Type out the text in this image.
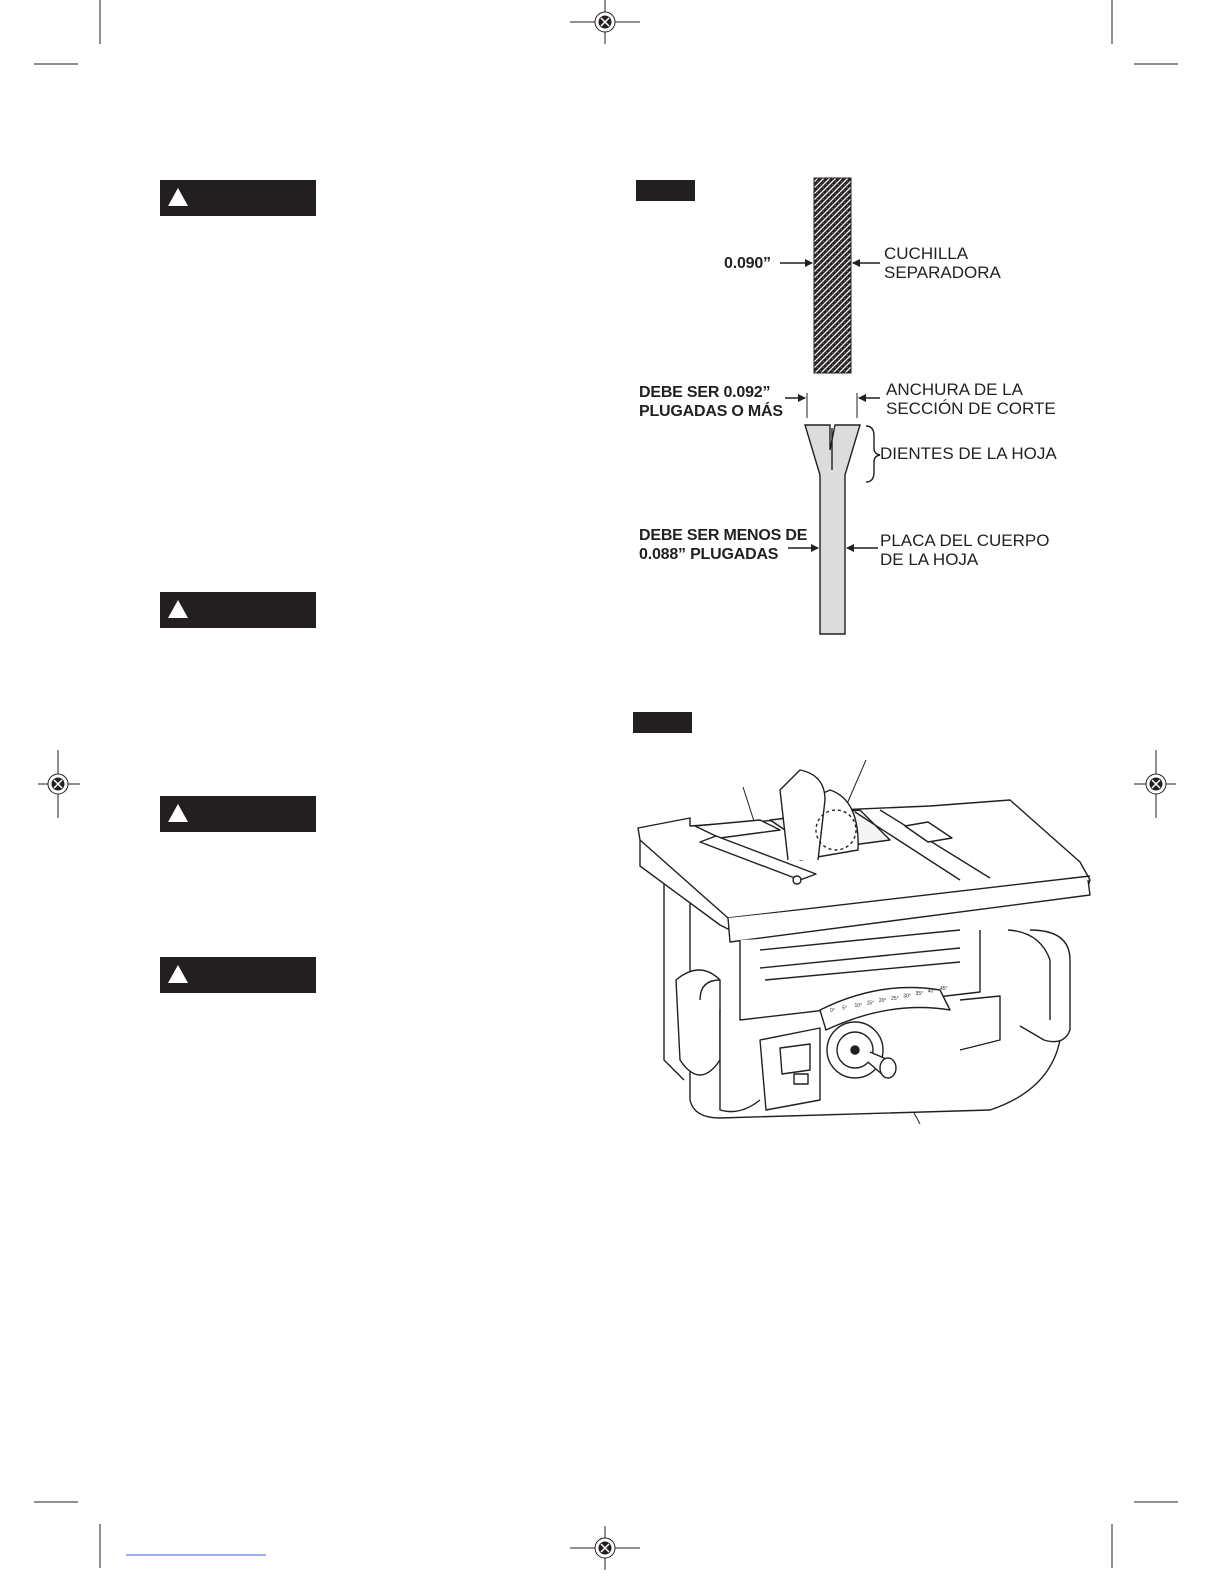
0.090”
CUCHILLA
SEPARADORA
DEBE SER 0.092”
PLUGADAS O MÁS
ANCHURA DE LA
SECCIÓN DE CORTE
DIENTES DE LA HOJA
DEBE SER MENOS DE
0.088” PLUGADAS
PLACA DEL CUERPO
DE LA HOJA
0° 5° 10° 15° 20° 25° 30° 35° 40° 45°
